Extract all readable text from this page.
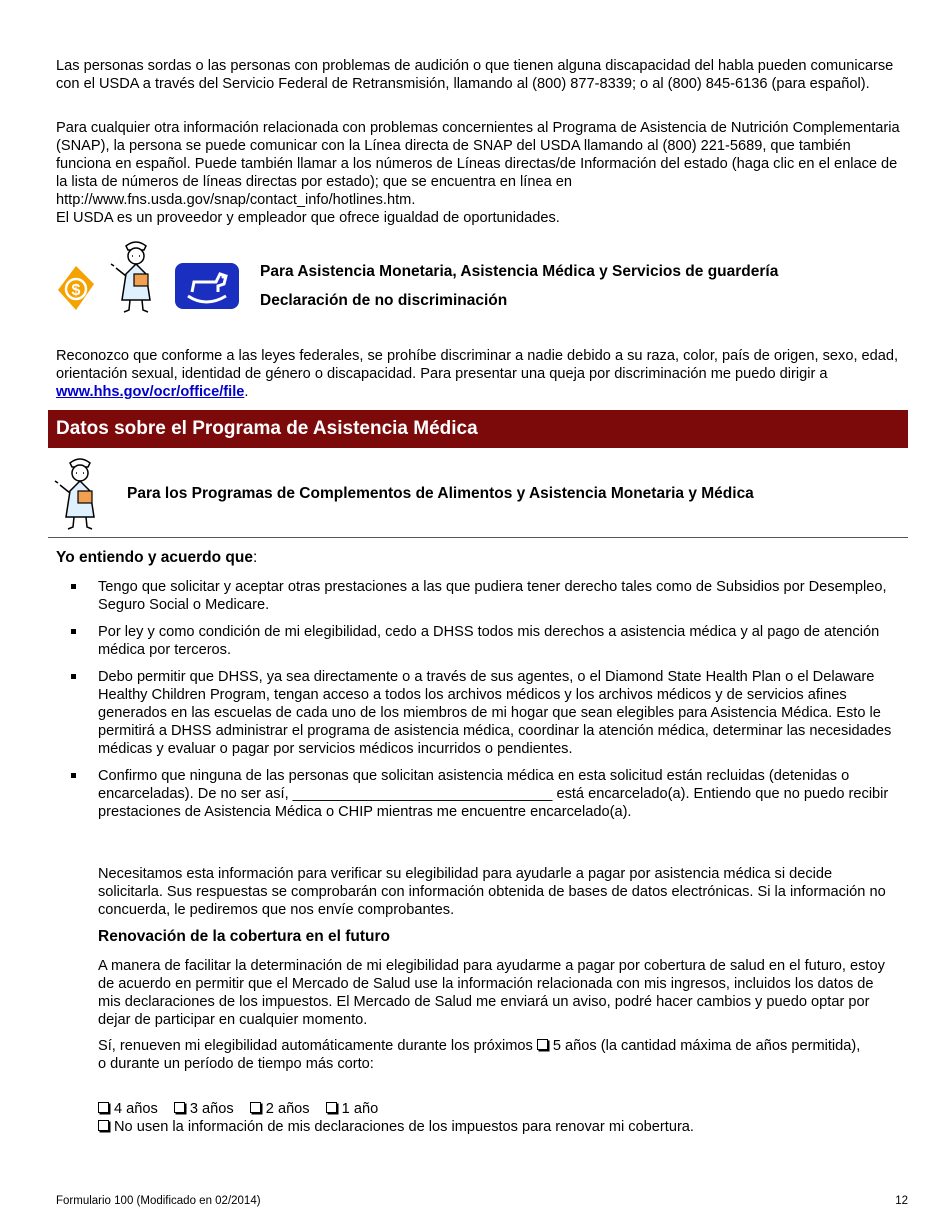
Las personas sordas o las personas con problemas de audición o que tienen alguna discapacidad del habla pueden comunicarse con el USDA a través del Servicio Federal de Retransmisión, llamando al (800) 877-8339; o al (800) 845-6136 (para español).

Para cualquier otra información relacionada con problemas concernientes al Programa de Asistencia de Nutrición Complementaria (SNAP), la persona se puede comunicar con la Línea directa de SNAP del USDA llamando al (800) 221-5689, que también funciona en español. Puede también llamar a los números de Líneas directas/de Información del estado (haga clic en el enlace de la lista de números de líneas directas por estado); que se encuentra en línea en http://www.fns.usda.gov/snap/contact_info/hotlines.htm.

El USDA es un proveedor y empleador que ofrece igualdad de oportunidades.

$
Para Asistencia Monetaria, Asistencia Médica y Servicios de guardería
Declaración de no discriminación

Reconozco que conforme a las leyes federales, se prohíbe discriminar a nadie debido a su raza, color, país de origen, sexo, edad, orientación sexual, identidad de género o discapacidad. Para presentar una queja por discriminación me puedo dirigir a www.hhs.gov/ocr/office/file.

Datos sobre el Programa de Asistencia Médica
Para los Programas de Complementos de Alimentos y Asistencia Monetaria y Médica
Yo entiendo y acuerdo que:
Tengo que solicitar y aceptar otras prestaciones a las que pudiera tener derecho tales como de Subsidios por Desempleo, Seguro Social o Medicare.
Por ley y como condición de mi elegibilidad, cedo a DHSS todos mis derechos a asistencia médica y al pago de atención médica por terceros.
Debo permitir que DHSS, ya sea directamente o a través de sus agentes, o el Diamond State Health Plan o el Delaware Healthy Children Program, tengan acceso a todos los archivos médicos y los archivos médicos y de servicios afines generados en las escuelas de cada uno de los miembros de mi hogar que sean elegibles para Asistencia Médica. Esto le permitirá a DHSS administrar el programa de asistencia médica, coordinar la atención médica, determinar las necesidades médicas y evaluar o pagar por servicios médicos incurridos o pendientes.
Confirmo que ninguna de las personas que solicitan asistencia médica en esta solicitud están recluidas (detenidas o encarceladas). De no ser así, ________________________________ está encarcelado(a). Entiendo que no puedo recibir prestaciones de Asistencia Médica o CHIP mientras me encuentre encarcelado(a).

Necesitamos esta información para verificar su elegibilidad para ayudarle a pagar por asistencia médica si decide solicitarla. Sus respuestas se comprobarán con información obtenida de bases de datos electrónicas. Si la información no concuerda, le pediremos que nos envíe comprobantes.

Renovación de la cobertura en el futuro

A manera de facilitar la determinación de mi elegibilidad para ayudarme a pagar por cobertura de salud en el futuro, estoy de acuerdo en permitir que el Mercado de Salud use la información relacionada con mis ingresos, incluidos los datos de mis declaraciones de los impuestos. El Mercado de Salud me enviará un aviso, podré hacer cambios y puedo optar por dejar de participar en cualquier momento.

Sí, renueven mi elegibilidad automáticamente durante los próximos 5 años (la cantidad máxima de años permitida),
o durante un período de tiempo más corto:

4 años 3 años 2 años 1 año
No usen la información de mis declaraciones de los impuestos para renovar mi cobertura.
Formulario 100 (Modificado en 02/2014)	12
